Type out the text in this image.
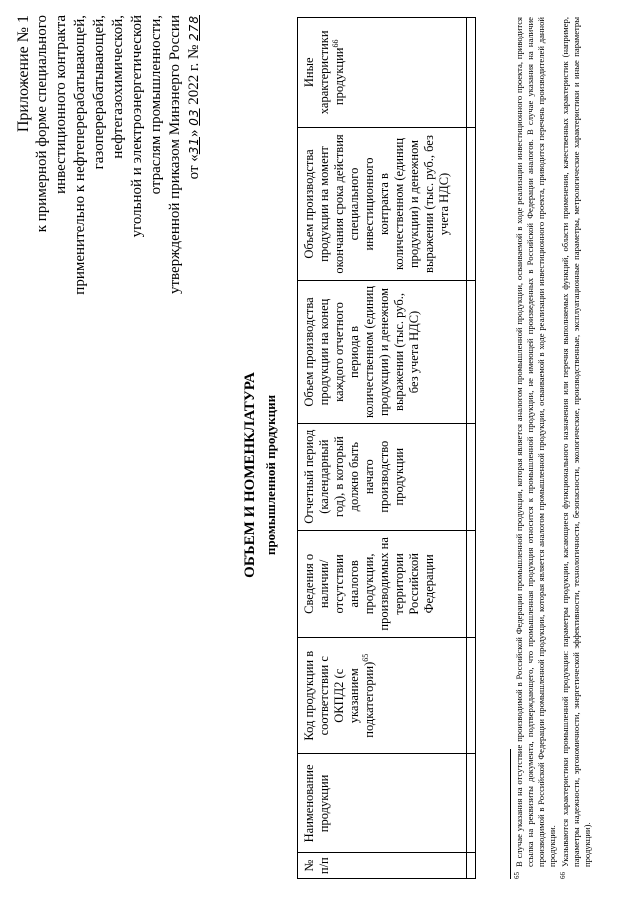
Приложение № 1 к примерной форме специального инвестиционного контракта применительно к нефтеперерабатывающей, газоперерабатывающей, нефтегазохимической, угольной и электроэнергетической отраслям промышленности, утвержденной приказом Минэнерго России от «31» 03 2022 г. № 278
ОБЪЕМ И НОМЕНКЛАТУРА промышленной продукции
№ п/п	Наименование продукции	Код продукции в соответствии с ОКПД2 (с указанием подкатегории)$^{65}$	Сведения о наличии/ отсутствии аналогов продукции, производимых на территории Российской Федерации	Отчетный период (календарный год), в который должно быть начато производство продукции	Объем производства продукции на конец каждого отчетного периода в количественном (единиц продукции) и денежном выражении (тыс. руб., без учета НДС)	Объем производства продукции на момент окончания срока действия специального инвестиционного контракта в количественном (единиц продукции) и денежном выражении (тыс. руб., без учета НДС)	Иные характеристики продукции$^{66}$

65
В случае указания на отсутствие производимой в Российской Федерации промышленной продукции, которая является аналогом промышленной продукции, осваиваемой в ходе реализации инвестиционного проекта, приводится ссылка на реквизиты документа, подтверждающего, что промышленная продукция относится к промышленной продукции, не имеющей произведенных в Российской Федерации аналогов. В случае указания на наличие производимой в Российской Федерации промышленной продукции, которая является аналогом промышленной продукции, осваиваемой в ходе реализации инвестиционного проекта, приводится перечень производителей данной продукции.
66
Указываются характеристики промышленной продукции: параметры продукции, касающиеся функционального назначения или перечня выполняемых функций, области применения, качественных характеристик (например, параметры надежности, эргономичности, энергетической эффективности, технологичности, безопасности, экологические, производственные, эксплуатационные параметры, метрологические характеристики и иные параметры продукции).
